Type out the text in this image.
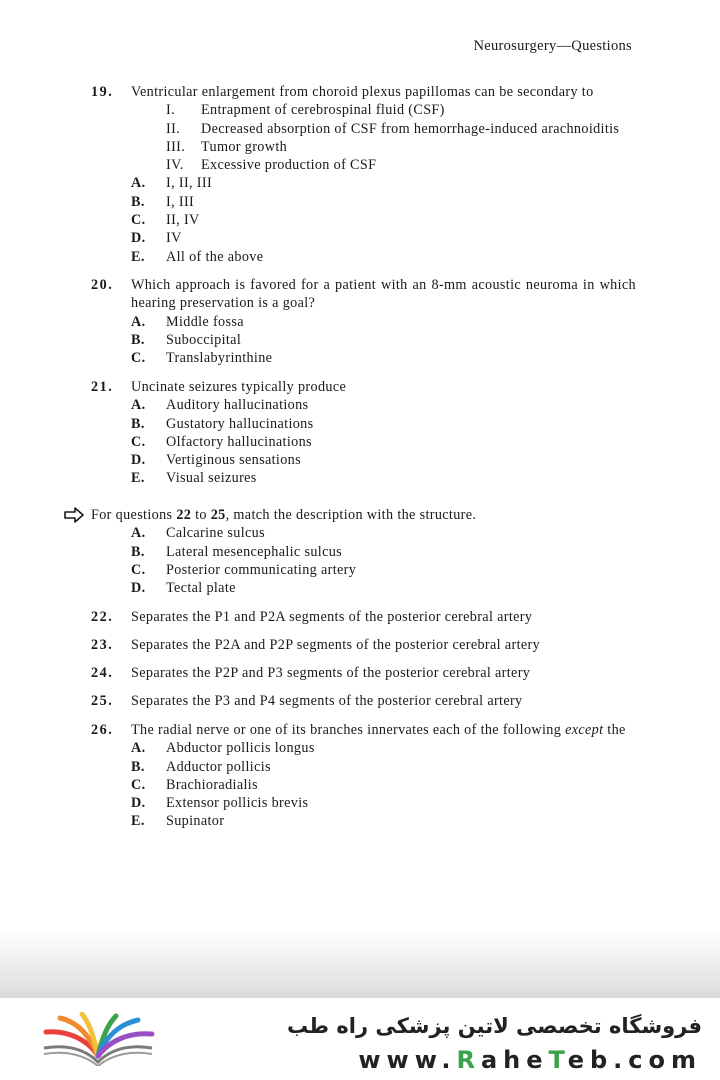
Neurosurgery—Questions
19. Ventricular enlargement from choroid plexus papillomas can be secondary to
I. Entrapment of cerebrospinal fluid (CSF)
II. Decreased absorption of CSF from hemorrhage-induced arachnoiditis
III. Tumor growth
IV. Excessive production of CSF
A. I, II, III
B. I, III
C. II, IV
D. IV
E. All of the above
20. Which approach is favored for a patient with an 8-mm acoustic neuroma in which hearing preservation is a goal?
A. Middle fossa
B. Suboccipital
C. Translabyrinthine
21. Uncinate seizures typically produce
A. Auditory hallucinations
B. Gustatory hallucinations
C. Olfactory hallucinations
D. Vertiginous sensations
E. Visual seizures
For questions 22 to 25, match the description with the structure.
A. Calcarine sulcus
B. Lateral mesencephalic sulcus
C. Posterior communicating artery
D. Tectal plate
22. Separates the P1 and P2A segments of the posterior cerebral artery
23. Separates the P2A and P2P segments of the posterior cerebral artery
24. Separates the P2P and P3 segments of the posterior cerebral artery
25. Separates the P3 and P4 segments of the posterior cerebral artery
26. The radial nerve or one of its branches innervates each of the following except the
A. Abductor pollicis longus
B. Adductor pollicis
C. Brachioradialis
D. Extensor pollicis brevis
E. Supinator
فروشگاه تخصصی لاتین پزشکی راه طب
www.RaheTeb.com
